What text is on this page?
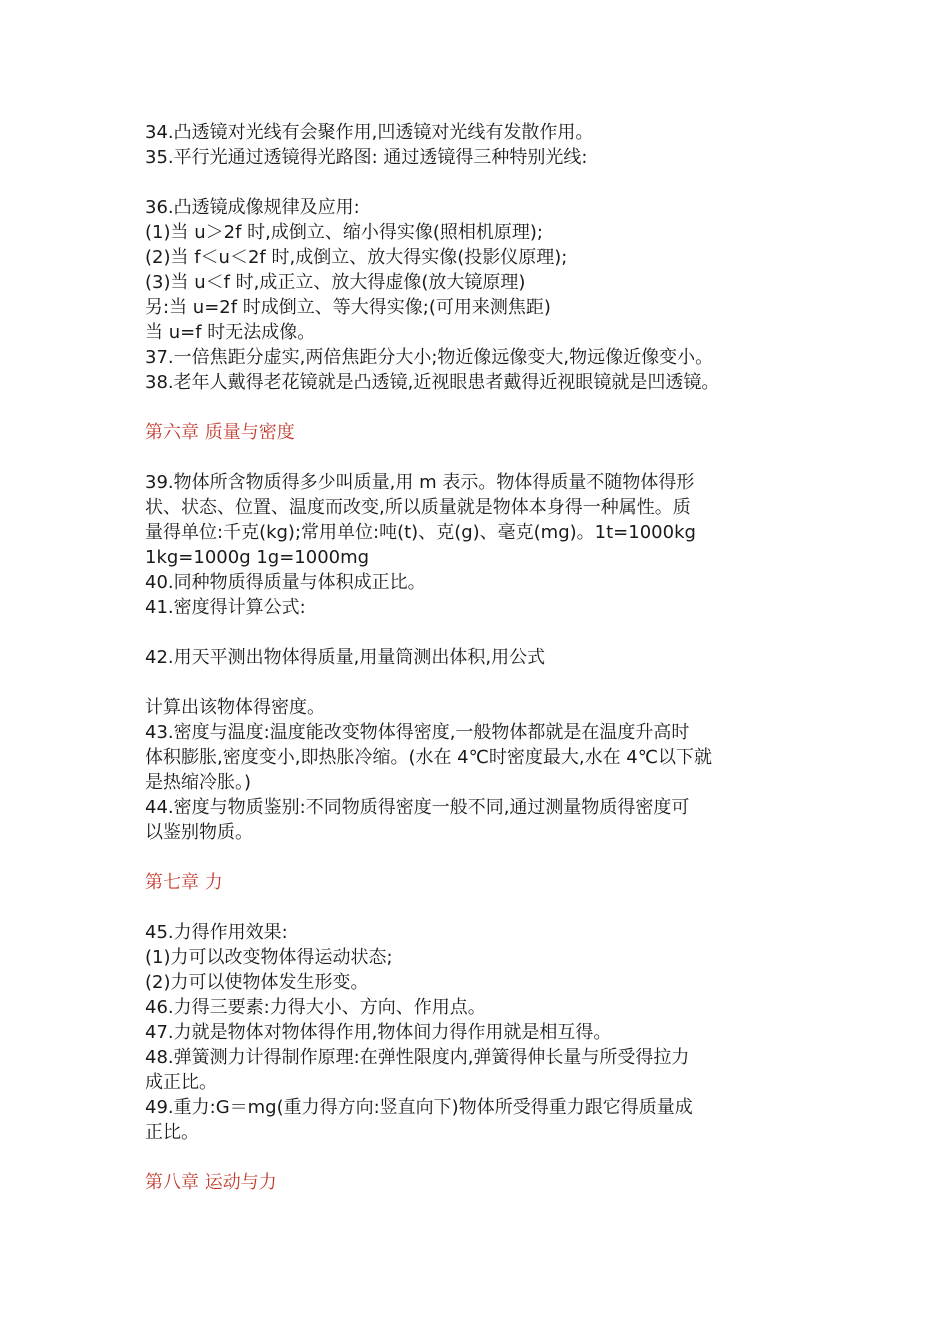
34.凸透镜对光线有会聚作用,凹透镜对光线有发散作用。
35.平行光通过透镜得光路图: 通过透镜得三种特别光线:
36.凸透镜成像规律及应用:
(1)当 u＞2f 时,成倒立、缩小得实像(照相机原理);
(2)当 f＜u＜2f 时,成倒立、放大得实像(投影仪原理);
(3)当 u＜f 时,成正立、放大得虚像(放大镜原理)
另:当 u=2f 时成倒立、等大得实像;(可用来测焦距)
当 u=f 时无法成像。
37.一倍焦距分虚实,两倍焦距分大小;物近像远像变大,物远像近像变小。
38.老年人戴得老花镜就是凸透镜,近视眼患者戴得近视眼镜就是凹透镜。
第六章 质量与密度
39.物体所含物质得多少叫质量,用 m 表示。物体得质量不随物体得形
状、状态、位置、温度而改变,所以质量就是物体本身得一种属性。质
量得单位:千克(kg);常用单位:吨(t)、克(g)、毫克(mg)。1t=1000kg
1kg=1000g 1g=1000mg
40.同种物质得质量与体积成正比。
41.密度得计算公式:
42.用天平测出物体得质量,用量筒测出体积,用公式
计算出该物体得密度。
43.密度与温度:温度能改变物体得密度,一般物体都就是在温度升高时
体积膨胀,密度变小,即热胀冷缩。(水在 4℃时密度最大,水在 4℃以下就
是热缩冷胀。)
44.密度与物质鉴别:不同物质得密度一般不同,通过测量物质得密度可
以鉴别物质。
第七章 力
45.力得作用效果:
(1)力可以改变物体得运动状态;
(2)力可以使物体发生形变。
46.力得三要素:力得大小、方向、作用点。
47.力就是物体对物体得作用,物体间力得作用就是相互得。
48.弹簧测力计得制作原理:在弹性限度内,弹簧得伸长量与所受得拉力
成正比。
49.重力:G＝mg(重力得方向:竖直向下)物体所受得重力跟它得质量成
正比。
第八章 运动与力
